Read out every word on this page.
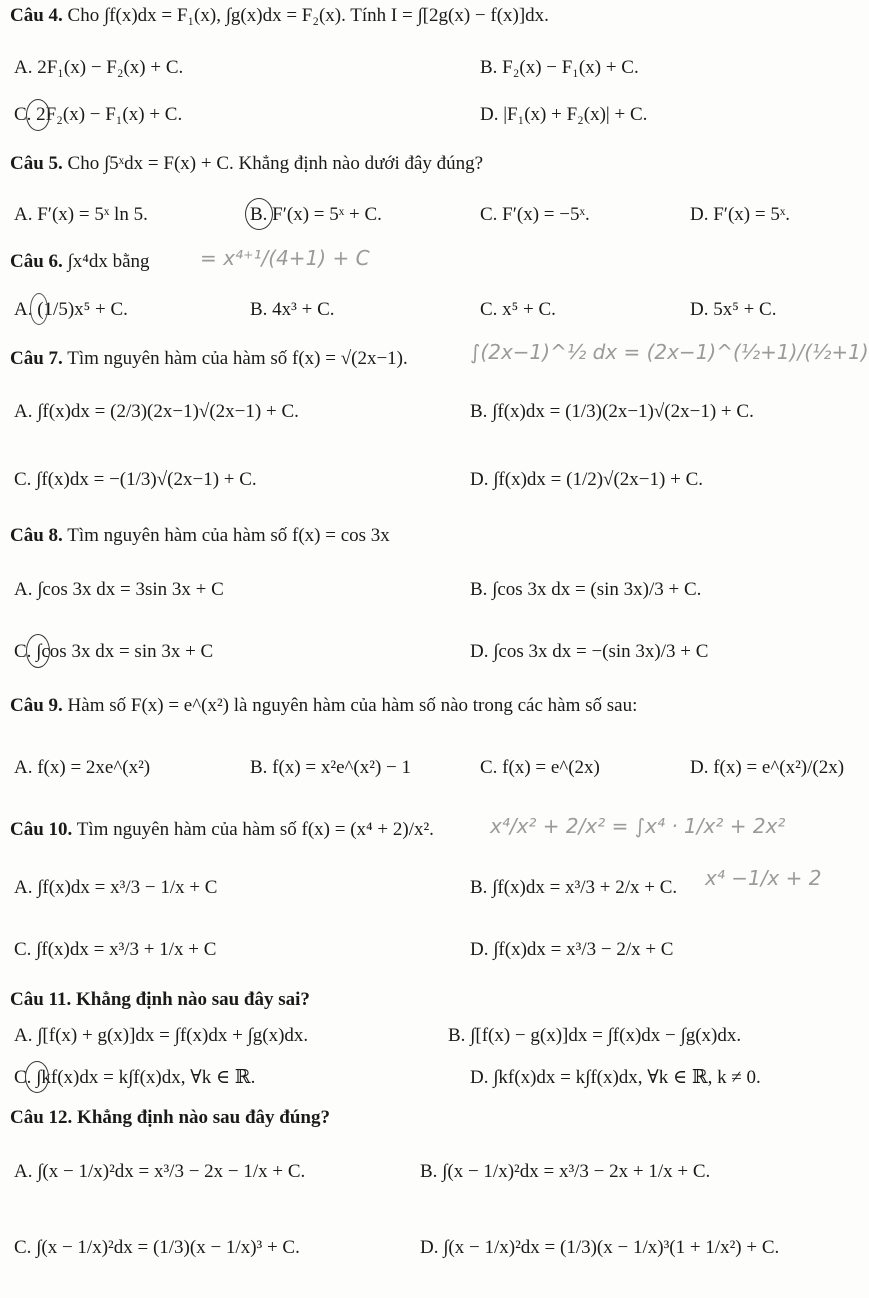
Câu 4. Cho ∫f(x)dx = F₁(x), ∫g(x)dx = F₂(x). Tính I = ∫[2g(x) − f(x)]dx.
A. 2F₁(x) − F₂(x) + C.	B. F₂(x) − F₁(x) + C.
C. 2F₂(x) − F₁(x) + C.	D. |F₁(x) + F₂(x)| + C.
Câu 5. Cho ∫5ˣdx = F(x) + C. Khẳng định nào dưới đây đúng?
A. F′(x) = 5ˣ ln 5.	B. F′(x) = 5ˣ + C.	C. F′(x) = −5ˣ.	D. F′(x) = 5ˣ.
Câu 6. ∫x⁴dx bằng	= x⁴⁺¹/(4+1) + C
A. (1/5)x⁵ + C.	B. 4x³ + C.	C. x⁵ + C.	D. 5x⁵ + C.
Câu 7. Tìm nguyên hàm của hàm số f(x) = √(2x−1).	∫(2x−1)^½ dx = (2x−1)^(½+1)/(½+1)
A. ∫f(x)dx = (2/3)(2x−1)√(2x−1) + C.	B. ∫f(x)dx = (1/3)(2x−1)√(2x−1) + C.
C. ∫f(x)dx = −(1/3)√(2x−1) + C.	D. ∫f(x)dx = (1/2)√(2x−1) + C.
Câu 8. Tìm nguyên hàm của hàm số f(x) = cos 3x
A. ∫cos 3x dx = 3sin 3x + C	B. ∫cos 3x dx = (sin 3x)/3 + C.
C. ∫cos 3x dx = sin 3x + C	D. ∫cos 3x dx = −(sin 3x)/3 + C
Câu 9. Hàm số F(x) = e^(x²) là nguyên hàm của hàm số nào trong các hàm số sau:
A. f(x) = 2xe^(x²)	B. f(x) = x²e^(x²) − 1	C. f(x) = e^(2x)	D. f(x) = e^(x²)/(2x)
Câu 10. Tìm nguyên hàm của hàm số f(x) = (x⁴ + 2)/x².	x⁴/x² + 2/x² = ∫x⁴ · 1/x² + 2x²
A. ∫f(x)dx = x³/3 − 1/x + C	B. ∫f(x)dx = x³/3 + 2/x + C. x⁴ −1/x + 2
C. ∫f(x)dx = x³/3 + 1/x + C	D. ∫f(x)dx = x³/3 − 2/x + C
Câu 11. Khẳng định nào sau đây sai?
A. ∫[f(x) + g(x)]dx = ∫f(x)dx + ∫g(x)dx.	B. ∫[f(x) − g(x)]dx = ∫f(x)dx − ∫g(x)dx.
C. ∫kf(x)dx = k∫f(x)dx, ∀k ∈ ℝ.	D. ∫kf(x)dx = k∫f(x)dx, ∀k ∈ ℝ, k ≠ 0.
Câu 12. Khẳng định nào sau đây đúng?
A. ∫(x − 1/x)²dx = x³/3 − 2x − 1/x + C.	B. ∫(x − 1/x)²dx = x³/3 − 2x + 1/x + C.
C. ∫(x − 1/x)²dx = (1/3)(x − 1/x)³ + C.	D. ∫(x − 1/x)²dx = (1/3)(x − 1/x)³(1 + 1/x²) + C.
